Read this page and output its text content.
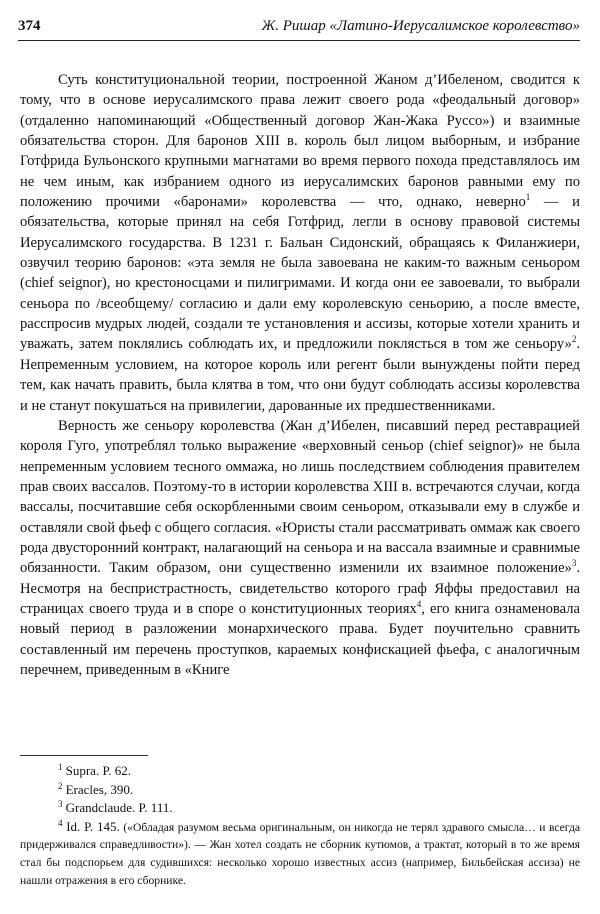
374	Ж. Ришар «Латино-Иерусалимское королевство»

Суть конституциональной теории, построенной Жаном д’Ибеленом, сводится к тому, что в основе иерусалимского права лежит своего рода «феодальный договор» (отдаленно напоминающий «Общественный договор Жан-Жака Руссо») и взаимные обязательства сторон. Для баронов XIII в. король был лицом выборным, и избрание Готфрида Бульонского крупными магнатами во время первого похода представлялось им не чем иным, как избранием одного из иерусалимских баронов равными ему по положению прочими «баронами» королевства — что, однако, неверно$^1$ — и обязательства, которые принял на себя Готфрид, легли в основу правовой системы Иерусалимского государства. В 1231 г. Бальан Сидонский, обращаясь к Филанжиери, озвучил теорию баронов: «эта земля не была завоевана не каким-то важным сеньором (chief seignor), но крестоносцами и пилигримами. И когда они ее завоевали, то выбрали сеньора по /всеобщему/ согласию и дали ему королевскую сеньорию, а после вместе, расспросив мудрых людей, создали те установления и ассизы, которые хотели хранить и уважать, затем поклялись соблюдать их, и предложили поклясться в том же сеньору»$^2$. Непременным условием, на которое король или регент были вынуждены пойти перед тем, как начать править, была клятва в том, что они будут соблюдать ассизы королевства и не станут покушаться на привилегии, дарованные их предшественниками.

Верность же сеньору королевства (Жан д’Ибелен, писавший перед реставрацией короля Гуго, употреблял только выражение «верховный сеньор (chief seignor)» не была непременным условием тесного оммажа, но лишь последствием соблюдения правителем прав своих вассалов. Поэтому-то в истории королевства XIII в. встречаются случаи, когда вассалы, посчитавшие себя оскорбленными своим сеньором, отказывали ему в службе и оставляли свой фьеф с общего согласия. «Юристы стали рассматривать оммаж как своего рода двусторонний контракт, налагающий на сеньора и на вассала взаимные и сравнимые обязанности. Таким образом, они существенно изменили их взаимное положение»$^3$. Несмотря на беспристрастность, свидетельство которого граф Яффы предоставил на страницах своего труда и в споре о конституционных теориях$^4$, его книга ознаменовала новый период в разложении монархического права. Будет поучительно сравнить составленный им перечень проступков, караемых конфискацией фьефа, с аналогичным перечнем, приведенным в «Книге

$^1$ Supra. P. 62.

$^2$ Eracles, 390.

$^3$ Grandclaude. P. 111.

$^4$ Id. P. 145. («Обладая разумом весьма оригинальным, он никогда не терял здравого смысла… и всегда придерживался справедливости»). — Жан хотел создать не сборник кутюмов, а трактат, который в то же время стал бы подспорьем для судившихся: несколько хорошо известных ассиз (например, Бильбейская ассиза) не нашли отражения в его сборнике.
